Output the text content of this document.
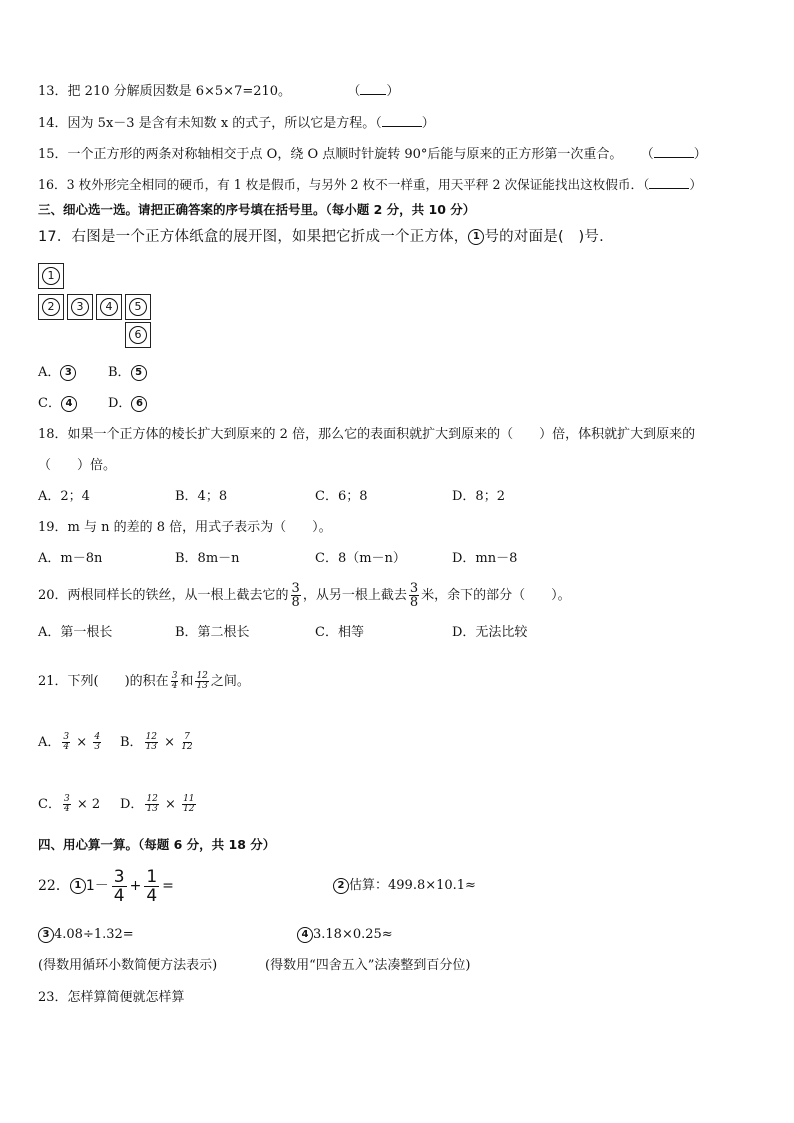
13．把 210 分解质因数是 6×5×7=210。	（ ）
14．因为 5x－3 是含有未知数 x 的式子，所以它是方程。（	）
15．一个正方形的两条对称轴相交于点 O，绕 O 点顺时针旋转 90°后能与原来的正方形第一次重合。 （	）
16．3 枚外形完全相同的硬币，有 1 枚是假币，与另外 2 枚不一样重，用天平秤 2 次保证能找出这枚假币．（	）
三、细心选一选。请把正确答案的序号填在括号里。（每小题 2 分，共 10 分）
17．右图是一个正方体纸盒的展开图，如果把它折成一个正方体， 1 号的对面是(　)号.
1
2	3	4	5
6
A． 3	B． 5
C． 4	D． 6
18．如果一个正方体的棱长扩大到原来的 2 倍，那么它的表面积就扩大到原来的（　　）倍，体积就扩大到原来的
（　　）倍。
A．2；4	B．4；8	C．6；8	D．8；2
19．m 与 n 的差的 8 倍，用式子表示为（　　）。
A．m－8n	B．8m－n	C．8（m－n）	D．mn－8
20．两根同样长的铁丝，从一根上截去它的 $\frac{3}{8}$ ，从另一根上截去 $\frac{3}{8}$ 米，余下的部分（　　）。
A．第一根长	B．第二根长	C．相等	D．无法比较
21．下列(　　)的积在 $\frac{3}{4}$ 和 $\frac{12}{13}$ 之间。
A． $\frac{3}{4} \times \frac{4}{3}$ B． $\frac{12}{13} \times \frac{7}{12}$
C． $\frac{3}{4} \times 2$ D． $\frac{12}{13} \times \frac{11}{12}$
四、用心算一算。（每题 6 分，共 18 分）
22． 1 $1- \frac{3}{4} + \frac{1}{4}$ =	2 估算：499.8×10.1≈
3 4.08÷1.32=	4 3.18×0.25≈
(得数用循环小数简便方法表示)	(得数用“四舍五入”法凑整到百分位)
23．怎样算简便就怎样算
